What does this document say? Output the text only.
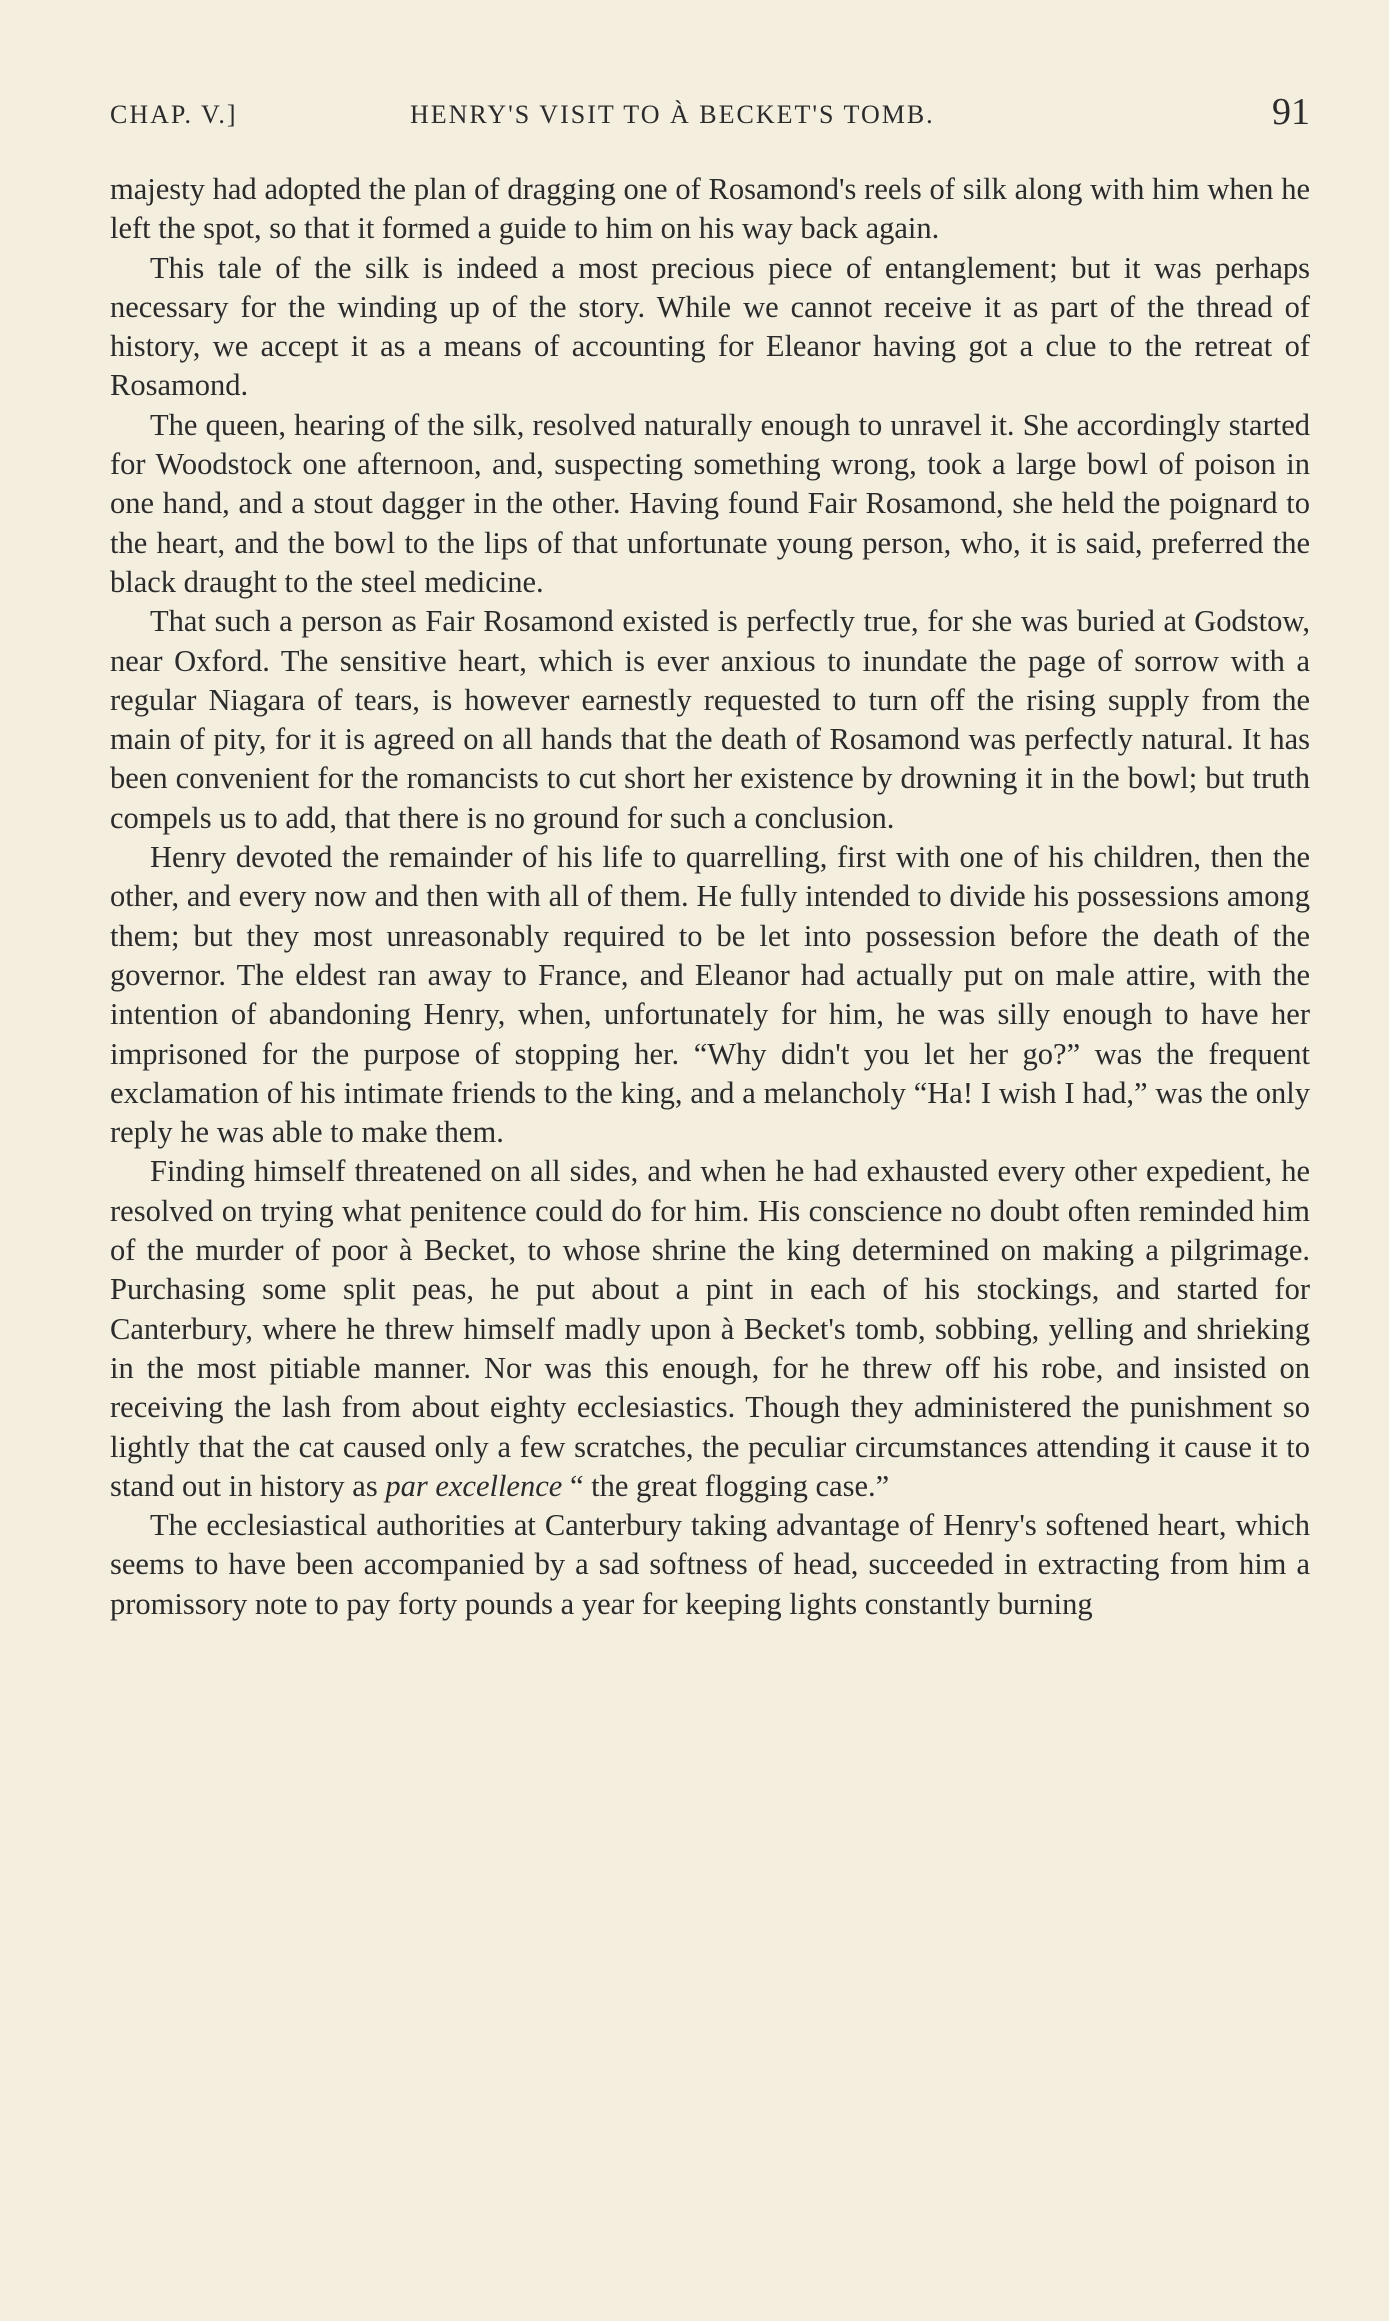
CHAP. V.]	HENRY'S VISIT TO À BECKET'S TOMB.	91

majesty had adopted the plan of dragging one of Rosamond's reels of silk along with him when he left the spot, so that it formed a guide to him on his way back again.

This tale of the silk is indeed a most precious piece of entanglement; but it was perhaps necessary for the winding up of the story. While we cannot receive it as part of the thread of history, we accept it as a means of accounting for Eleanor having got a clue to the retreat of Rosamond.

The queen, hearing of the silk, resolved naturally enough to unravel it. She accordingly started for Woodstock one afternoon, and, suspecting something wrong, took a large bowl of poison in one hand, and a stout dagger in the other. Having found Fair Rosamond, she held the poignard to the heart, and the bowl to the lips of that unfortunate young person, who, it is said, preferred the black draught to the steel medicine.

That such a person as Fair Rosamond existed is perfectly true, for she was buried at Godstow, near Oxford. The sensitive heart, which is ever anxious to inundate the page of sorrow with a regular Niagara of tears, is however earnestly requested to turn off the rising supply from the main of pity, for it is agreed on all hands that the death of Rosamond was perfectly natural. It has been convenient for the romancists to cut short her existence by drowning it in the bowl; but truth compels us to add, that there is no ground for such a conclusion.

Henry devoted the remainder of his life to quarrelling, first with one of his children, then the other, and every now and then with all of them. He fully intended to divide his possessions among them; but they most unreasonably required to be let into possession before the death of the governor. The eldest ran away to France, and Eleanor had actually put on male attire, with the intention of abandoning Henry, when, unfortunately for him, he was silly enough to have her imprisoned for the purpose of stopping her. “Why didn't you let her go?” was the frequent exclamation of his intimate friends to the king, and a melancholy “Ha! I wish I had,” was the only reply he was able to make them.

Finding himself threatened on all sides, and when he had exhausted every other expedient, he resolved on trying what penitence could do for him. His conscience no doubt often reminded him of the murder of poor à Becket, to whose shrine the king determined on making a pilgrimage. Purchasing some split peas, he put about a pint in each of his stockings, and started for Canterbury, where he threw himself madly upon à Becket's tomb, sobbing, yelling and shrieking in the most pitiable manner. Nor was this enough, for he threw off his robe, and insisted on receiving the lash from about eighty ecclesiastics. Though they administered the punishment so lightly that the cat caused only a few scratches, the peculiar circumstances attending it cause it to stand out in history as par excellence “ the great flogging case.”

The ecclesiastical authorities at Canterbury taking advantage of Henry's softened heart, which seems to have been accompanied by a sad softness of head, succeeded in extracting from him a promissory note to pay forty pounds a year for keeping lights constantly burning
